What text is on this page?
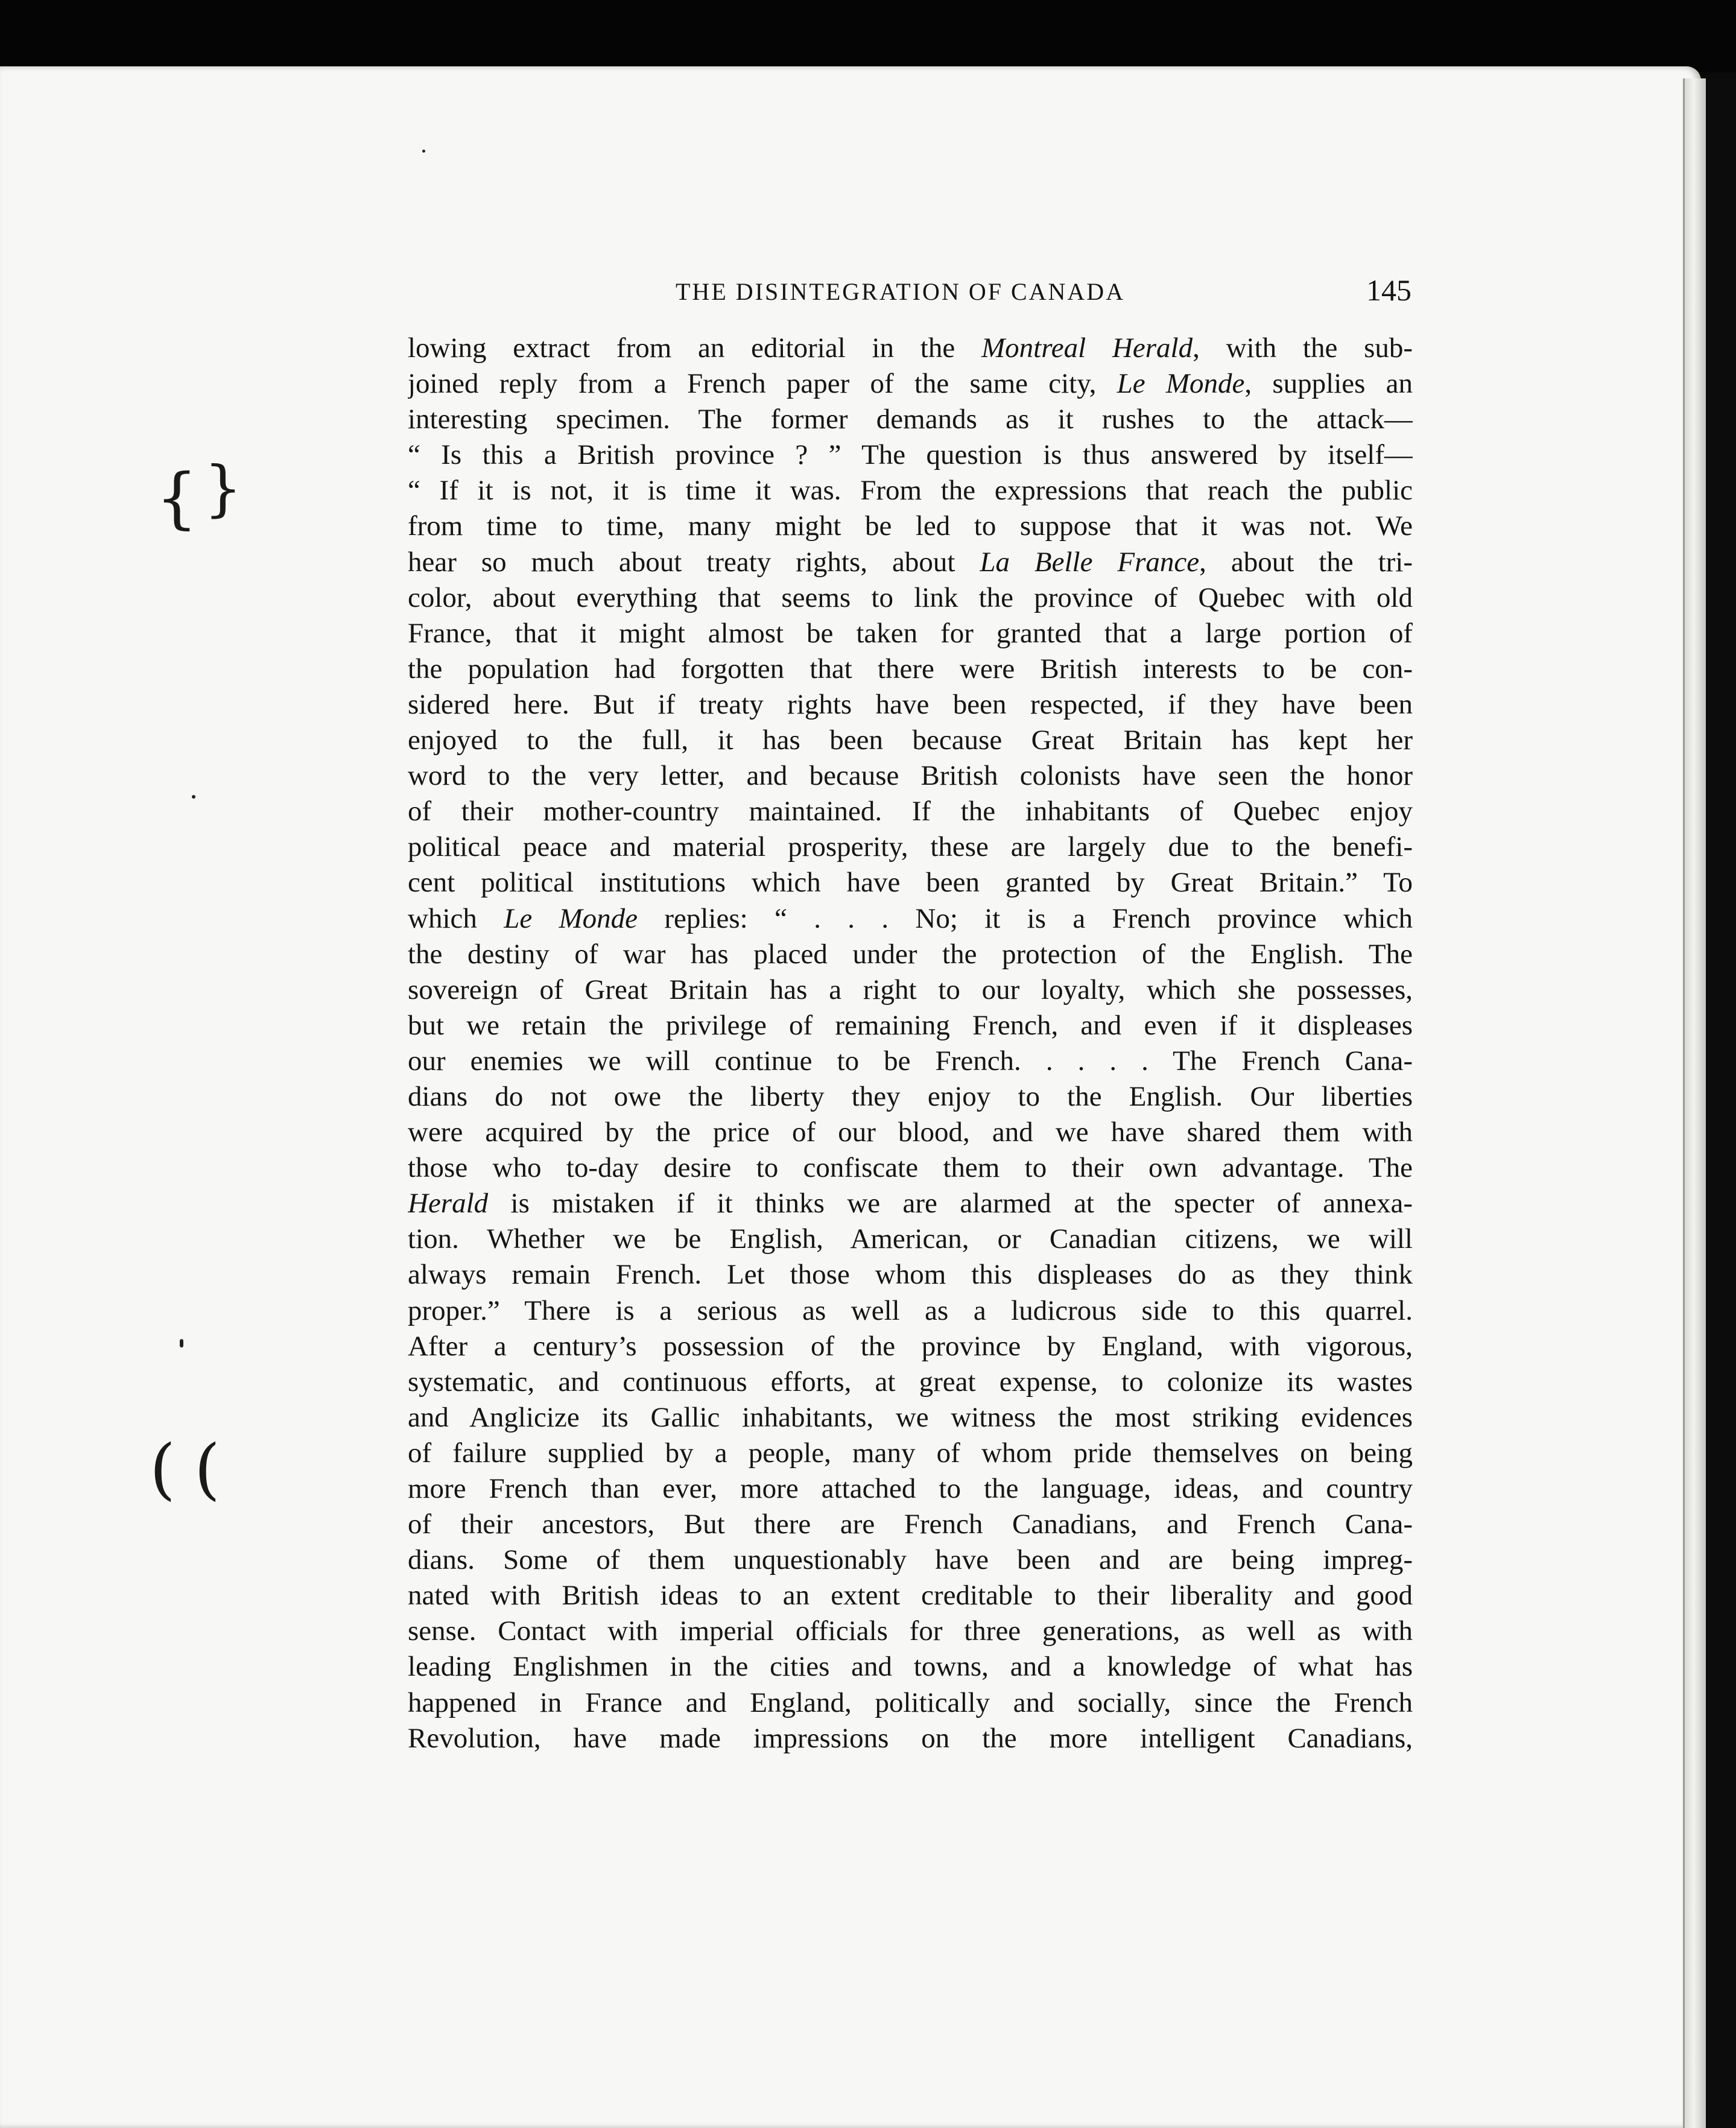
{ }
( (
THE DISINTEGRATION OF CANADA	145
lowing extract from an editorial in the Montreal Herald, with the sub-
joined reply from a French paper of the same city, Le Monde, supplies an
interesting specimen. The former demands as it rushes to the attack—
“ Is this a British province ? ” The question is thus answered by itself—
“ If it is not, it is time it was. From the expressions that reach the public
from time to time, many might be led to suppose that it was not. We
hear so much about treaty rights, about La Belle France, about the tri-
color, about everything that seems to link the province of Quebec with old
France, that it might almost be taken for granted that a large portion of
the population had forgotten that there were British interests to be con-
sidered here. But if treaty rights have been respected, if they have been
enjoyed to the full, it has been because Great Britain has kept her
word to the very letter, and because British colonists have seen the honor
of their mother-country maintained. If the inhabitants of Quebec enjoy
political peace and material prosperity, these are largely due to the benefi-
cent political institutions which have been granted by Great Britain.” To
which Le Monde replies: “ . . . No; it is a French province which
the destiny of war has placed under the protection of the English. The
sovereign of Great Britain has a right to our loyalty, which she possesses,
but we retain the privilege of remaining French, and even if it displeases
our enemies we will continue to be French. . . . . The French Cana-
dians do not owe the liberty they enjoy to the English. Our liberties
were acquired by the price of our blood, and we have shared them with
those who to-day desire to confiscate them to their own advantage. The
Herald is mistaken if it thinks we are alarmed at the specter of annexa-
tion. Whether we be English, American, or Canadian citizens, we will
always remain French. Let those whom this displeases do as they think
proper.” There is a serious as well as a ludicrous side to this quarrel.
After a century’s possession of the province by England, with vigorous,
systematic, and continuous efforts, at great expense, to colonize its wastes
and Anglicize its Gallic inhabitants, we witness the most striking evidences
of failure supplied by a people, many of whom pride themselves on being
more French than ever, more attached to the language, ideas, and country
of their ancestors, But there are French Canadians, and French Cana-
dians. Some of them unquestionably have been and are being impreg-
nated with British ideas to an extent creditable to their liberality and good
sense. Contact with imperial officials for three generations, as well as with
leading Englishmen in the cities and towns, and a knowledge of what has
happened in France and England, politically and socially, since the French
Revolution, have made impressions on the more intelligent Canadians,
